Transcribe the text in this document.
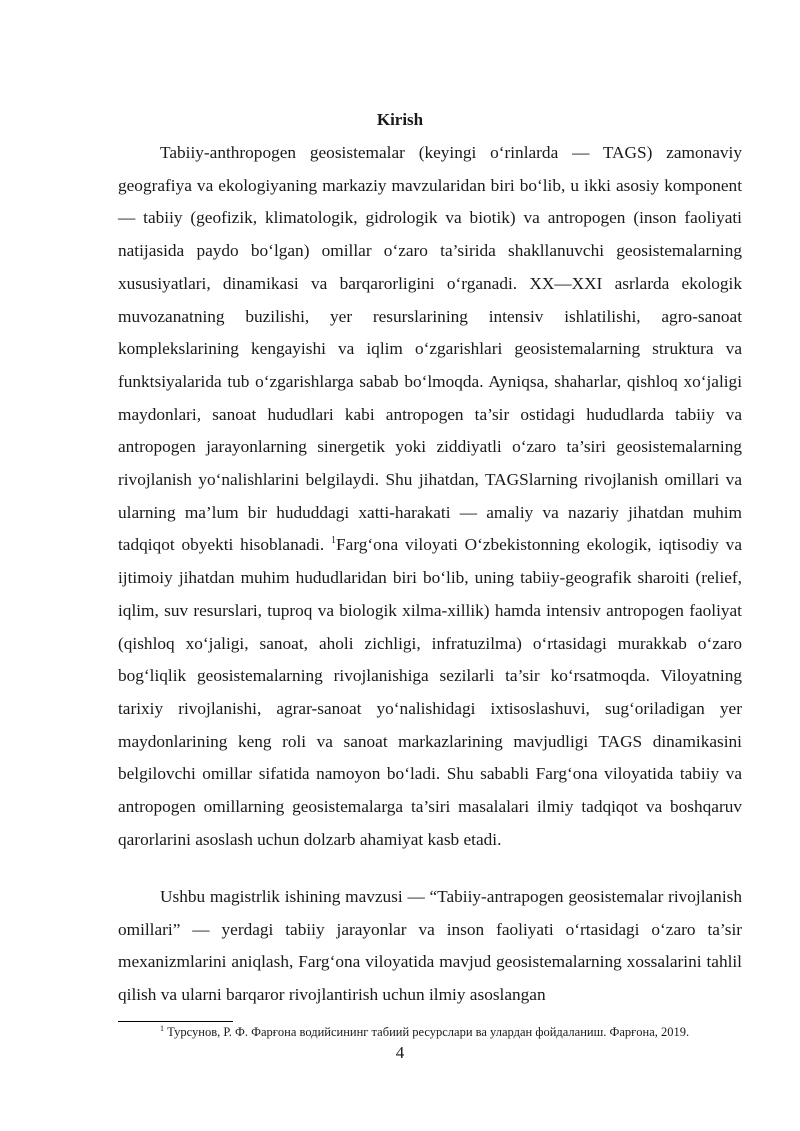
Kirish

Tabiiy-anthropogen geosistemalar (keyingi o‘rinlarda — TAGS) zamonaviy geografiya va ekologiyaning markaziy mavzularidan biri bo‘lib, u ikki asosiy komponent — tabiiy (geofizik, klimatologik, gidrologik va biotik) va antropogen (inson faoliyati natijasida paydo bo‘lgan) omillar o‘zaro ta’sirida shakllanuvchi geosistemalarning xususiyatlari, dinamikasi va barqarorligini o‘rganadi. XX—XXI asrlarda ekologik muvozanatning buzilishi, yer resurslarining intensiv ishlatilishi, agro-sanoat komplekslarining kengayishi va iqlim o‘zgarishlari geosistemalarning struktura va funktsiyalarida tub o‘zgarishlarga sabab bo‘lmoqda. Ayniqsa, shaharlar, qishloq xo‘jaligi maydonlari, sanoat hududlari kabi antropogen ta’sir ostidagi hududlarda tabiiy va antropogen jarayonlarning sinergetik yoki ziddiyatli o‘zaro ta’siri geosistemalarning rivojlanish yo‘nalishlarini belgilaydi. Shu jihatdan, TAGSlarning rivojlanish omillari va ularning ma’lum bir hududdagi xatti-harakati — amaliy va nazariy jihatdan muhim tadqiqot obyekti hisoblanadi. $^1$Farg‘ona viloyati O‘zbekistonning ekologik, iqtisodiy va ijtimoiy jihatdan muhim hududlaridan biri bo‘lib, uning tabiiy-geografik sharoiti (relief, iqlim, suv resurslari, tuproq va biologik xilma-xillik) hamda intensiv antropogen faoliyat (qishloq xo‘jaligi, sanoat, aholi zichligi, infratuzilma) o‘rtasidagi murakkab o‘zaro bog‘liqlik geosistemalarning rivojlanishiga sezilarli ta’sir ko‘rsatmoqda. Viloyatning tarixiy rivojlanishi, agrar-sanoat yo‘nalishidagi ixtisoslashuvi, sug‘oriladigan yer maydonlarining keng roli va sanoat markazlarining mavjudligi TAGS dinamikasini belgilovchi omillar sifatida namoyon bo‘ladi. Shu sababli Farg‘ona viloyatida tabiiy va antropogen omillarning geosistemalarga ta’siri masalalari ilmiy tadqiqot va boshqaruv qarorlarini asoslash uchun dolzarb ahamiyat kasb etadi.

Ushbu magistrlik ishining mavzusi — “Tabiiy-antrapogen geosistemalar rivojlanish omillari” — yerdagi tabiiy jarayonlar va inson faoliyati o‘rtasidagi o‘zaro ta’sir mexanizmlarini aniqlash, Farg‘ona viloyatida mavjud geosistemalarning xossalarini tahlil qilish va ularni barqaror rivojlantirish uchun ilmiy asoslangan

$^1$ Турсунов, Р. Ф. Фарғона водийсининг табиий ресурслари ва улардан фойдаланиш. Фарғона, 2019.
4
